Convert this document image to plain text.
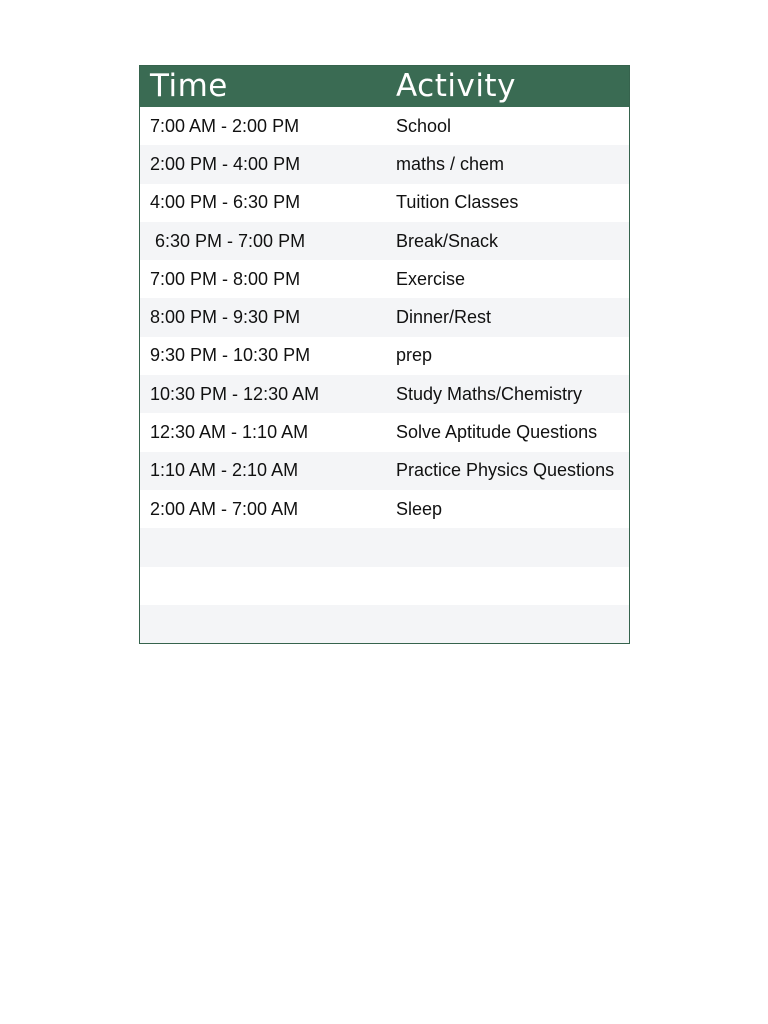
Time	Activity
7:00 AM - 2:00 PM	School
2:00 PM - 4:00 PM	maths / chem
4:00 PM - 6:30 PM	Tuition Classes
6:30 PM - 7:00 PM	Break/Snack
7:00 PM - 8:00 PM	Exercise
8:00 PM - 9:30 PM	Dinner/Rest
9:30 PM - 10:30 PM	prep
10:30 PM - 12:30 AM	Study Maths/Chemistry
12:30 AM - 1:10 AM	Solve Aptitude Questions
1:10 AM - 2:10 AM	Practice Physics Questions
2:00 AM - 7:00 AM	Sleep
